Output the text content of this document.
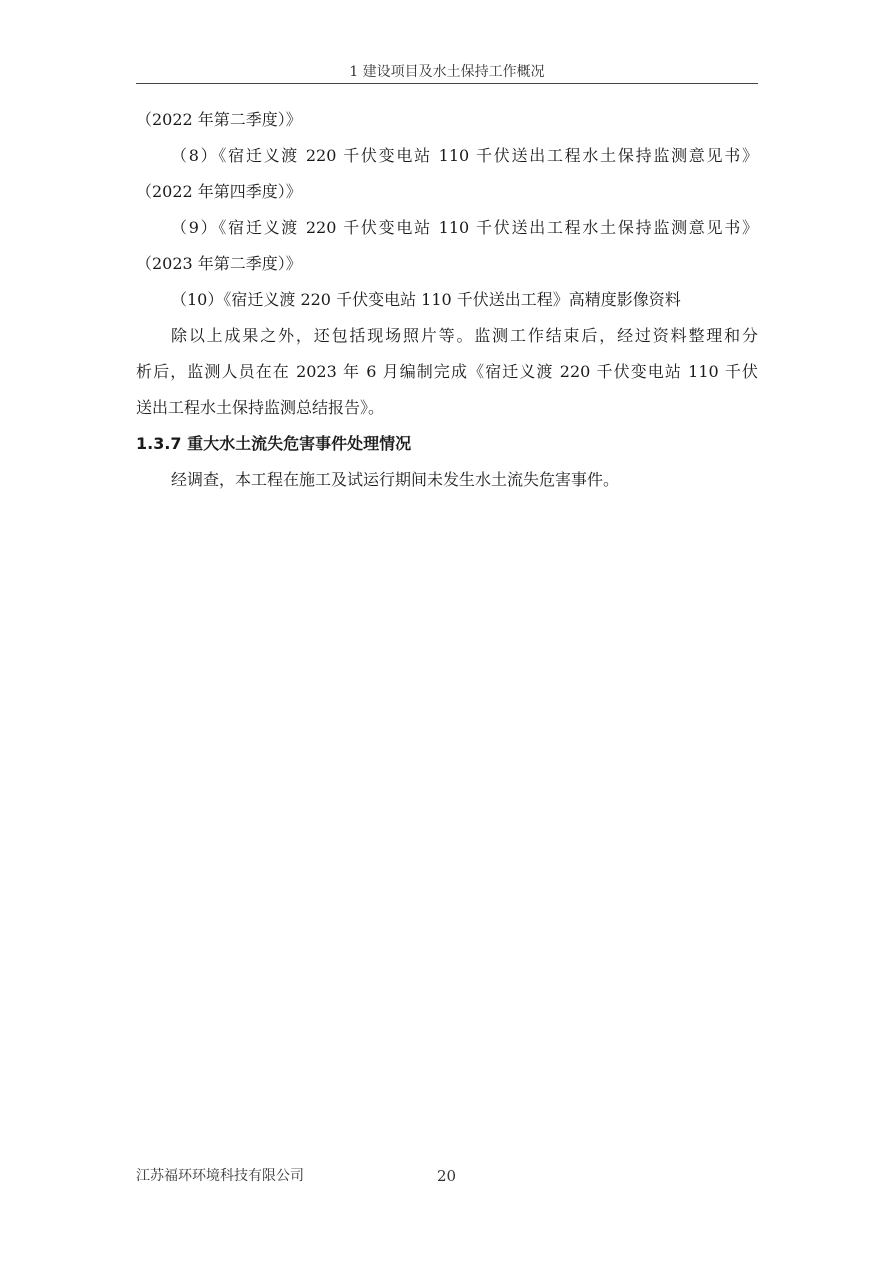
1 建设项目及水土保持工作概况
（2022 年第二季度）》
（8）《宿迁义渡 220 千伏变电站 110 千伏送出工程水土保持监测意见书》
（2022 年第四季度）》
（9）《宿迁义渡 220 千伏变电站 110 千伏送出工程水土保持监测意见书》
（2023 年第二季度）》
（10）《宿迁义渡 220 千伏变电站 110 千伏送出工程》高精度影像资料
除以上成果之外，还包括现场照片等。监测工作结束后，经过资料整理和分
析后，监测人员在在 2023 年 6 月编制完成《宿迁义渡 220 千伏变电站 110 千伏
送出工程水土保持监测总结报告》。
1.3.7 重大水土流失危害事件处理情况
经调查，本工程在施工及试运行期间未发生水土流失危害事件。
江苏福环环境科技有限公司	20
